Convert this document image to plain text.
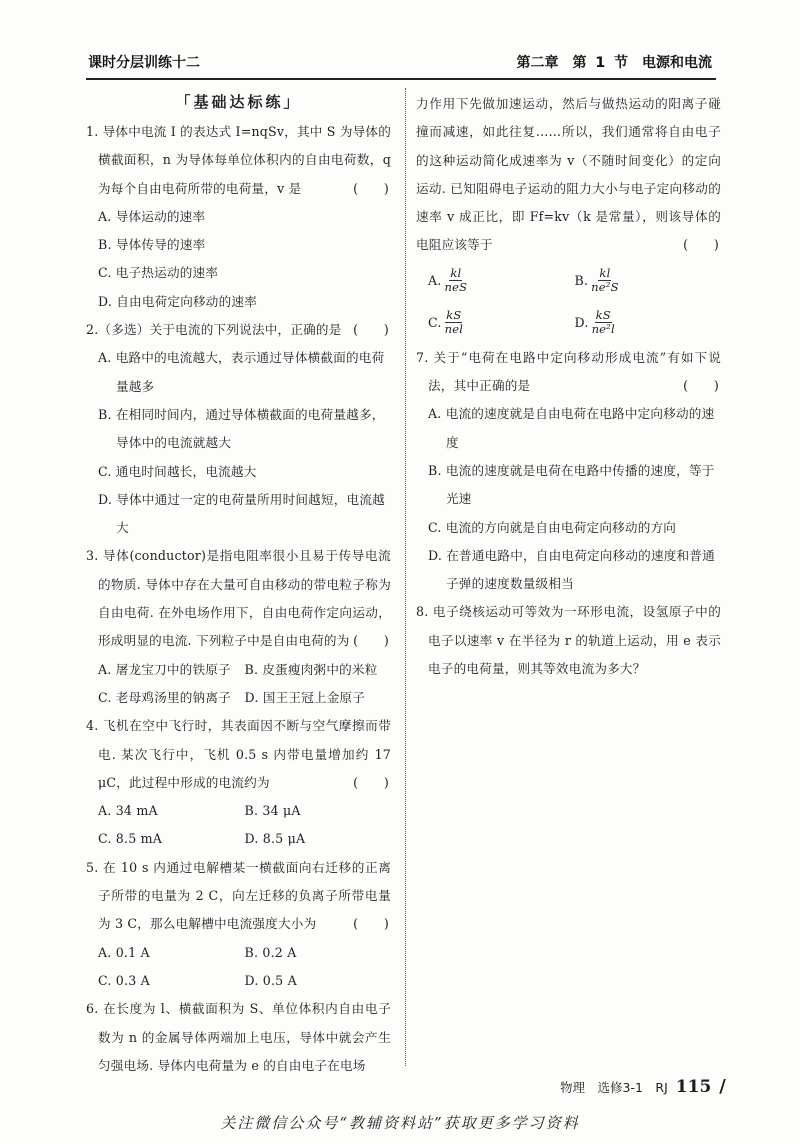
课时分层训练十二	第二章　第 1 节　电源和电流
「基础达标练」
1. 导体中电流 I 的表达式 I=nqSv，其中 S 为导体的横截面积，n 为导体每单位体积内的自由电荷数，q 为每个自由电荷所带的电荷量，v 是	(　　)
A. 导体运动的速率
B. 导体传导的速率
C. 电子热运动的速率
D. 自由电荷定向移动的速率
2.（多选）关于电流的下列说法中，正确的是 (　　)
A. 电路中的电流越大，表示通过导体横截面的电荷量越多
B. 在相同时间内，通过导体横截面的电荷量越多，导体中的电流就越大
C. 通电时间越长，电流越大
D. 导体中通过一定的电荷量所用时间越短，电流越大
3. 导体(conductor)是指电阻率很小且易于传导电流的物质. 导体中存在大量可自由移动的带电粒子称为自由电荷. 在外电场作用下，自由电荷作定向运动，形成明显的电流. 下列粒子中是自由电荷的为 (　　)
A. 屠龙宝刀中的铁原子	B. 皮蛋瘦肉粥中的米粒
C. 老母鸡汤里的钠离子	D. 国王王冠上金原子
4. 飞机在空中飞行时，其表面因不断与空气摩擦而带电. 某次飞行中，飞机 0.5 s 内带电量增加约 17 μC，此过程中形成的电流约为	(　　)
A. 34 mA	B. 34 μA
C. 8.5 mA	D. 8.5 μA
5. 在 10 s 内通过电解槽某一横截面向右迁移的正离子所带的电量为 2 C，向左迁移的负离子所带电量为 3 C，那么电解槽中电流强度大小为	(　　)
A. 0.1 A	B. 0.2 A
C. 0.3 A	D. 0.5 A
6. 在长度为 l、横截面积为 S、单位体积内自由电子数为 n 的金属导体两端加上电压，导体中就会产生匀强电场. 导体内电荷量为 e 的自由电子在电场
力作用下先做加速运动，然后与做热运动的阳离子碰撞而减速，如此往复……所以，我们通常将自由电子的这种运动简化成速率为 v（不随时间变化）的定向运动. 已知阻碍电子运动的阻力大小与电子定向移动的速率 v 成正比，即 Ff=kv（k 是常量），则该导体的电阻应该等于	(　　)
A. $\frac{kl}{\text{neS}}$	B. $\frac{kl}{\text{ne²S}}$
C. $\frac{kS}{\text{nel}}$	D. $\frac{kS}{\text{ne²l}}$
7. 关于“电荷在电路中定向移动形成电流”有如下说法，其中正确的是	(　　)
A. 电流的速度就是自由电荷在电路中定向移动的速度
B. 电流的速度就是电荷在电路中传播的速度，等于光速
C. 电流的方向就是自由电荷定向移动的方向
D. 在普通电路中，自由电荷定向移动的速度和普通子弹的速度数量级相当
8. 电子绕核运动可等效为一环形电流，设氢原子中的电子以速率 v 在半径为 r 的轨道上运动，用 e 表示电子的电荷量，则其等效电流为多大？
物理　选修3-1　RJ 115 /
关注微信公众号“教辅资料站”获取更多学习资料
